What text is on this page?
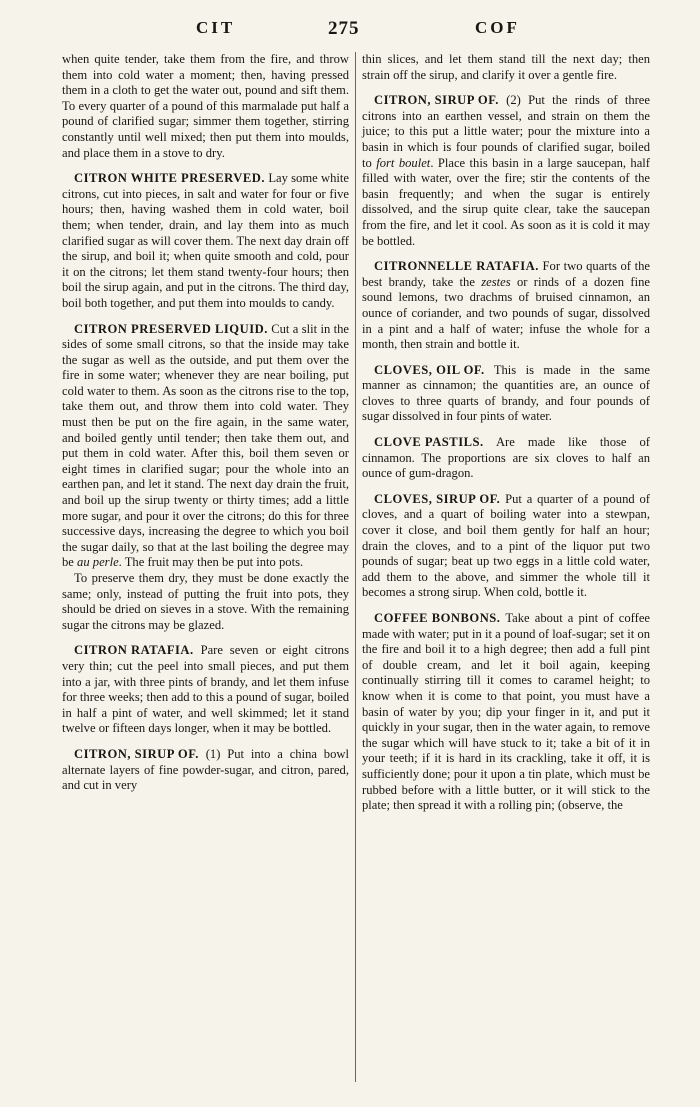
CIT	275	COF

when quite tender, take them from the fire, and throw them into cold water a moment; then, having pressed them in a cloth to get the water out, pound and sift them. To every quarter of a pound of this marmalade put half a pound of clarified sugar; simmer them together, stirring constantly until well mixed; then put them into moulds, and place them in a stove to dry.

CITRON WHITE PRESERVED. Lay some white citrons, cut into pieces, in salt and water for four or five hours; then, having washed them in cold water, boil them; when tender, drain, and lay them into as much clarified sugar as will cover them. The next day drain off the sirup, and boil it; when quite smooth and cold, pour it on the citrons; let them stand twenty-four hours; then boil the sirup again, and put in the citrons. The third day, boil both together, and put them into moulds to candy.

CITRON PRESERVED LIQUID. Cut a slit in the sides of some small citrons, so that the inside may take the sugar as well as the outside, and put them over the fire in some water; whenever they are near boiling, put cold water to them. As soon as the citrons rise to the top, take them out, and throw them into cold water. They must then be put on the fire again, in the same water, and boiled gently until tender; then take them out, and put them in cold water. After this, boil them seven or eight times in clarified sugar; pour the whole into an earthen pan, and let it stand. The next day drain the fruit, and boil up the sirup twenty or thirty times; add a little more sugar, and pour it over the citrons; do this for three successive days, increasing the degree to which you boil the sugar daily, so that at the last boiling the degree may be au perle. The fruit may then be put into pots.

To preserve them dry, they must be done exactly the same; only, instead of putting the fruit into pots, they should be dried on sieves in a stove. With the remaining sugar the citrons may be glazed.

CITRON RATAFIA. Pare seven or eight citrons very thin; cut the peel into small pieces, and put them into a jar, with three pints of brandy, and let them infuse for three weeks; then add to this a pound of sugar, boiled in half a pint of water, and well skimmed; let it stand twelve or fifteen days longer, when it may be bottled.

CITRON, SIRUP OF. (1) Put into a china bowl alternate layers of fine powder-sugar, and citron, pared, and cut in very

thin slices, and let them stand till the next day; then strain off the sirup, and clarify it over a gentle fire.

CITRON, SIRUP OF. (2) Put the rinds of three citrons into an earthen vessel, and strain on them the juice; to this put a little water; pour the mixture into a basin in which is four pounds of clarified sugar, boiled to fort boulet. Place this basin in a large saucepan, half filled with water, over the fire; stir the contents of the basin frequently; and when the sugar is entirely dissolved, and the sirup quite clear, take the saucepan from the fire, and let it cool. As soon as it is cold it may be bottled.

CITRONNELLE RATAFIA. For two quarts of the best brandy, take the zestes or rinds of a dozen fine sound lemons, two drachms of bruised cinnamon, an ounce of coriander, and two pounds of sugar, dissolved in a pint and a half of water; infuse the whole for a month, then strain and bottle it.

CLOVES, OIL OF. This is made in the same manner as cinnamon; the quantities are, an ounce of cloves to three quarts of brandy, and four pounds of sugar dissolved in four pints of water.

CLOVE PASTILS. Are made like those of cinnamon. The proportions are six cloves to half an ounce of gum-dragon.

CLOVES, SIRUP OF. Put a quarter of a pound of cloves, and a quart of boiling water into a stewpan, cover it close, and boil them gently for half an hour; drain the cloves, and to a pint of the liquor put two pounds of sugar; beat up two eggs in a little cold water, add them to the above, and simmer the whole till it becomes a strong sirup. When cold, bottle it.

COFFEE BONBONS. Take about a pint of coffee made with water; put in it a pound of loaf-sugar; set it on the fire and boil it to a high degree; then add a full pint of double cream, and let it boil again, keeping continually stirring till it comes to caramel height; to know when it is come to that point, you must have a basin of water by you; dip your finger in it, and put it quickly in your sugar, then in the water again, to remove the sugar which will have stuck to it; take a bit of it in your teeth; if it is hard in its crackling, take it off, it is sufficiently done; pour it upon a tin plate, which must be rubbed before with a little butter, or it will stick to the plate; then spread it with a rolling pin; (observe, the
